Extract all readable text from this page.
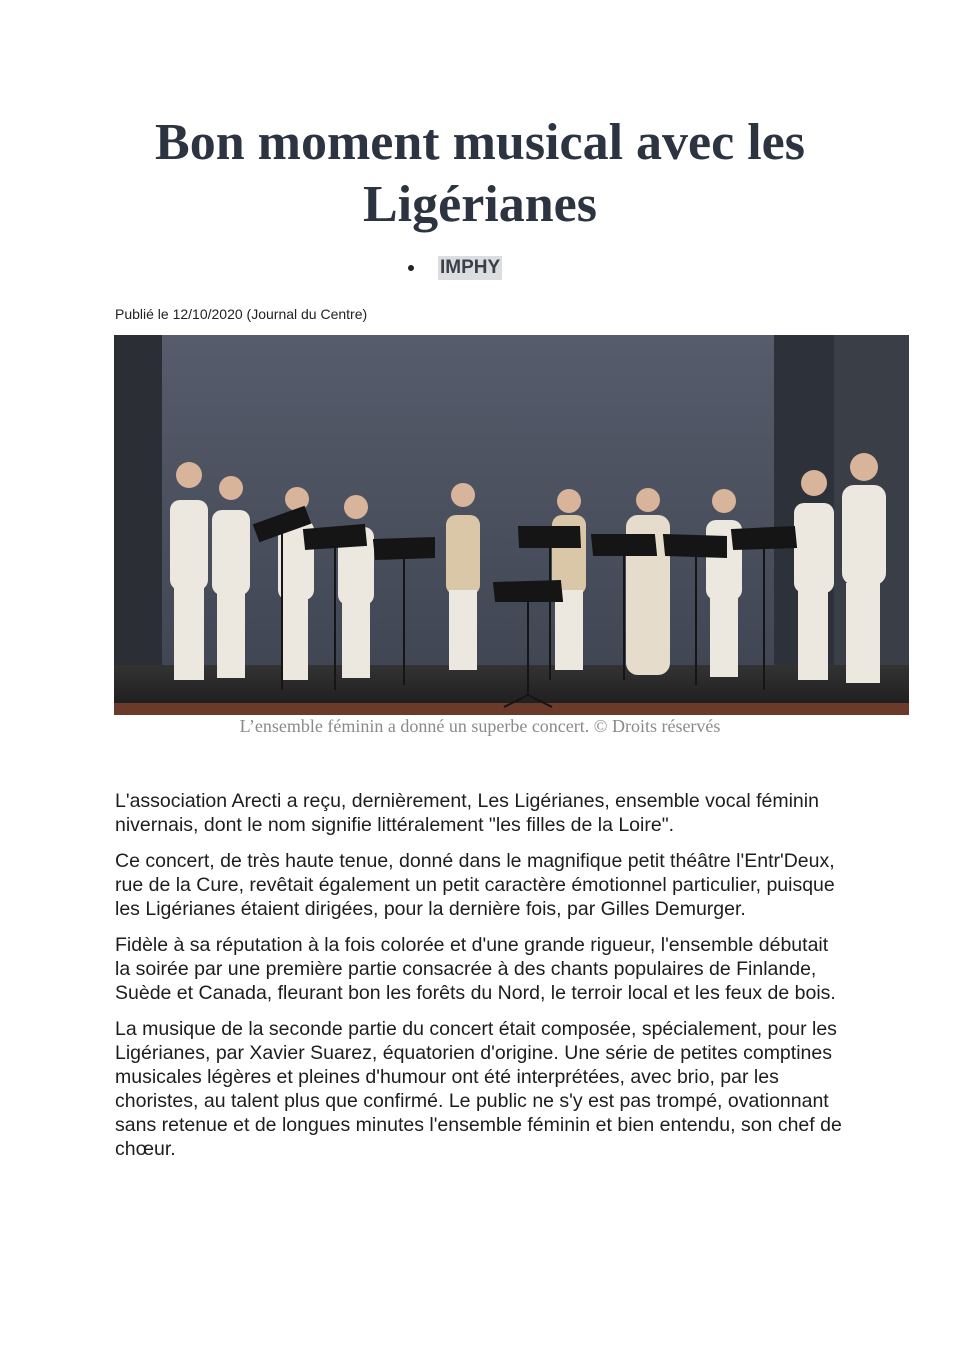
Bon moment musical avec les Ligérianes
IMPHY
Publié le 12/10/2020 (Journal du Centre)
L’ensemble féminin a donné un superbe concert. © Droits réservés

L'association Arecti a reçu, dernièrement, Les Ligérianes, ensemble vocal féminin nivernais, dont le nom signifie littéralement "les filles de la Loire".

Ce concert, de très haute tenue, donné dans le magnifique petit théâtre l'Entr'Deux, rue de la Cure, revêtait également un petit caractère émotionnel particulier, puisque les Ligérianes étaient dirigées, pour la dernière fois, par Gilles Demurger.

Fidèle à sa réputation à la fois colorée et d'une grande rigueur, l'ensemble débutait la soirée par une première partie consacrée à des chants populaires de Finlande, Suède et Canada, fleurant bon les forêts du Nord, le terroir local et les feux de bois.

La musique de la seconde partie du concert était composée, spécialement, pour les Ligérianes, par Xavier Suarez, équatorien d'origine. Une série de petites comptines musicales légères et pleines d'humour ont été interprétées, avec brio, par les choristes, au talent plus que confirmé. Le public ne s'y est pas trompé, ovationnant sans retenue et de longues minutes l'ensemble féminin et bien entendu, son chef de chœur.
